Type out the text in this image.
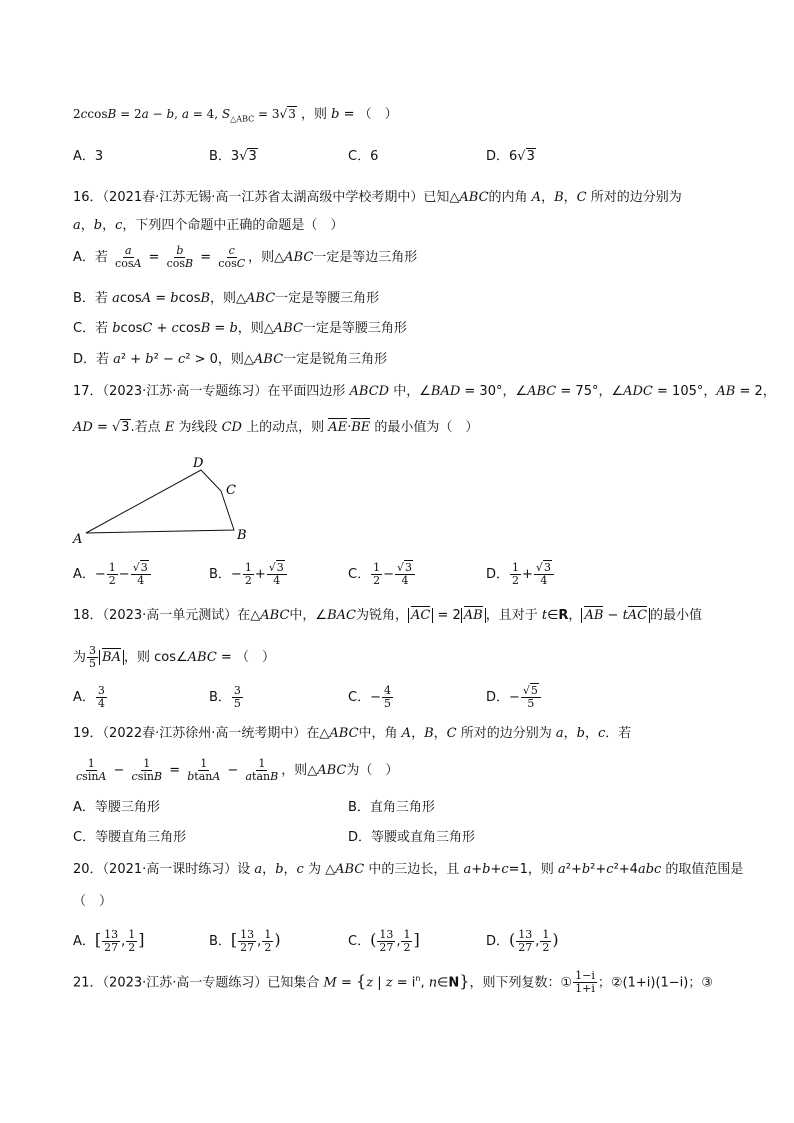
2ccosB = 2a − b, a = 4, $S_{\triangle ABC} = 3√3$ ，则 b = （　）
A．3	B．3√3	C．6	D．6√3
16．（2021春·江苏无锡·高一江苏省太湖高级中学校考期中）已知△ABC的内角 A，B，C 所对的边分别为
a，b，c，下列四个命题中正确的命题是（　）
A．若 $\frac{a}{\cos A} = \frac{b}{\cos B} = \frac{c}{\cos C}$ ，则△ABC一定是等边三角形
B．若 acosA = bcosB，则△ABC一定是等腰三角形
C．若 bcosC + ccosB = b，则△ABC一定是等腰三角形
D．若 a² + b² − c² > 0，则△ABC一定是锐角三角形
17．（2023·江苏·高一专题练习）在平面四边形 ABCD 中，∠BAD = 30°，∠ABC = 75°，∠ADC = 105°，AB = 2，
AD = √3.若点 E 为线段 CD 上的动点，则 AE·BE 的最小值为（　）
D
C
A	B
A．− $\frac{1}{2} - \frac{√3}{4}$	B．− $\frac{1}{2} + \frac{√3}{4}$	C． $\frac{1}{2} - \frac{√3}{4}$	D． $\frac{1}{2} + \frac{√3}{4}$
18．（2023·高一单元测试）在△ABC中，∠BAC为锐角， AC = 2 AB ，且对于 t∈R， AB − tAC 的最小值
为 $\frac{3}{5}$ BA ，则 cos∠ABC = （　）
A． $\frac{3}{4}$	B． $\frac{3}{5}$	C．− $\frac{4}{5}$	D．− $\frac{√5}{5}$
19．（2022春·江苏徐州·高一统考期中）在△ABC中，角 A，B，C 所对的边分别为 a，b，c．若
$\frac{1}{csinA} - \frac{1}{csinB} = \frac{1}{btanA} - \frac{1}{atanB}$ ，则△ABC为（　）
A．等腰三角形	B．直角三角形
C．等腰直角三角形	D．等腰或直角三角形
20．（2021·高一课时练习）设 a，b，c 为 △ABC 中的三边长，且 a+b+c=1，则 a²+b²+c²+4abc 的取值范围是
（　）
A．[ $\frac{13}{27}$ , $\frac{1}{2}$ ]	B．[ $\frac{13}{27}$ , $\frac{1}{2}$ )	C．( $\frac{13}{27}$ , $\frac{1}{2}$ ]	D．( $\frac{13}{27}$ , $\frac{1}{2}$ )
21．（2023·江苏·高一专题练习）已知集合 M = {z | $z = i^n$, n∈N}，则下列复数：① $\frac{1-i}{1+i}$ ；②(1+i)(1−i)；③
